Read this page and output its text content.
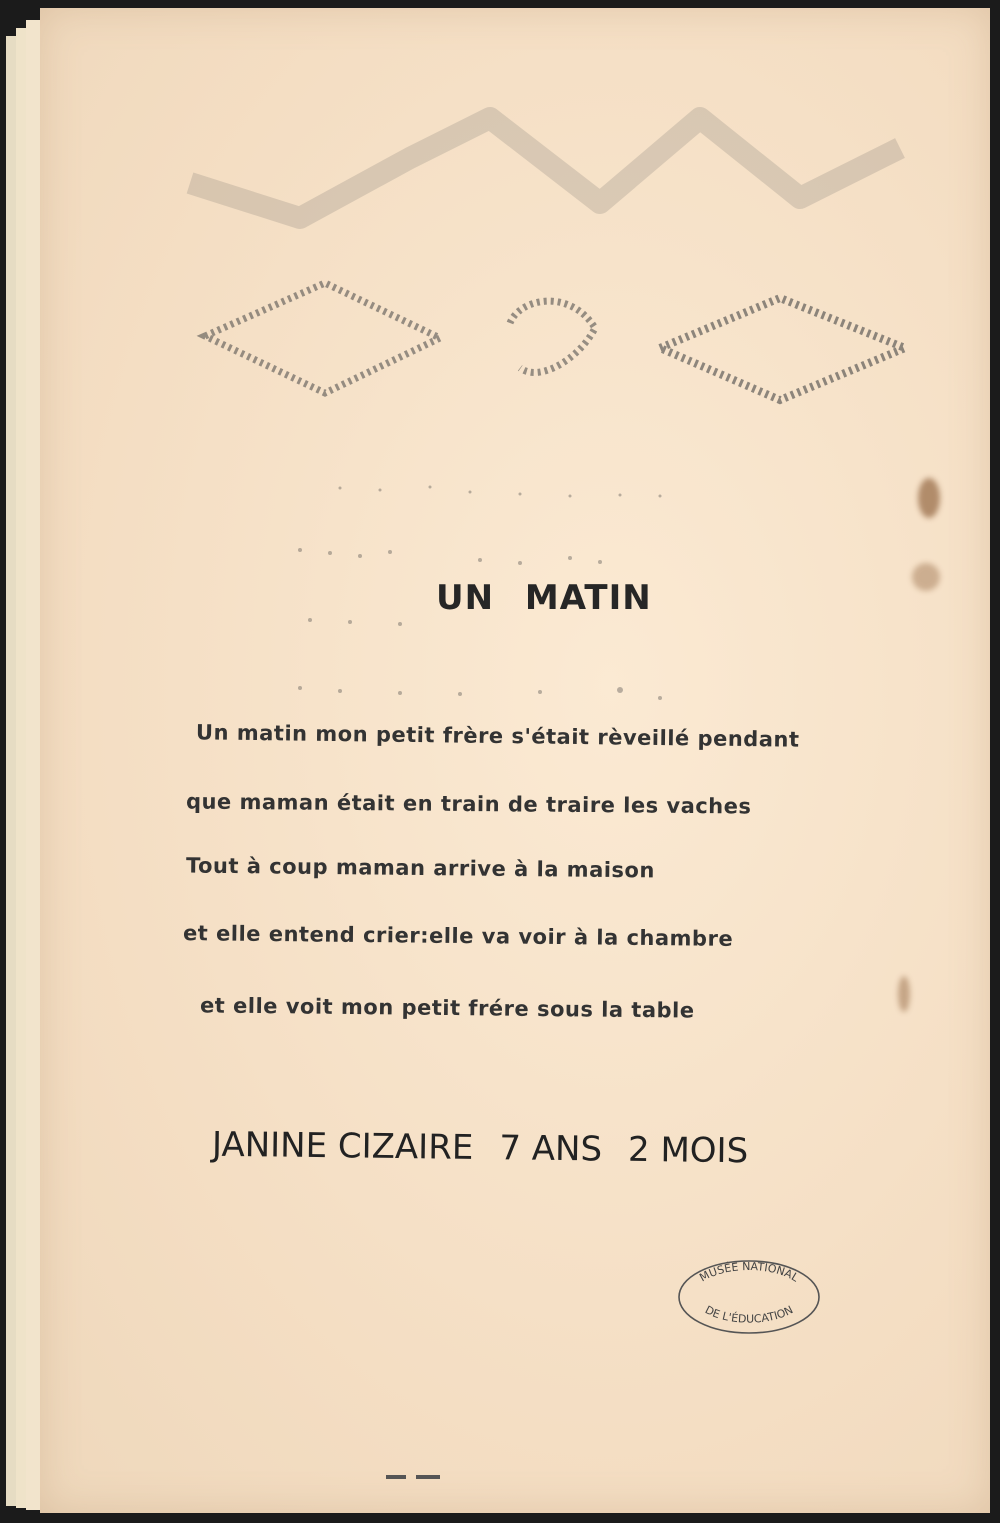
UN MATIN
Un matin mon petit frère s'était rèveillé pendant
que maman était en train de traire les vaches
Tout à coup maman arrive à la maison
et elle entend crier:elle va voir à la chambre
et elle voit mon petit frére sous la table
JANINE CIZAIRE 7 ANS 2 MOIS
MUSÉE NATIONAL
DE L'ÉDUCATION
